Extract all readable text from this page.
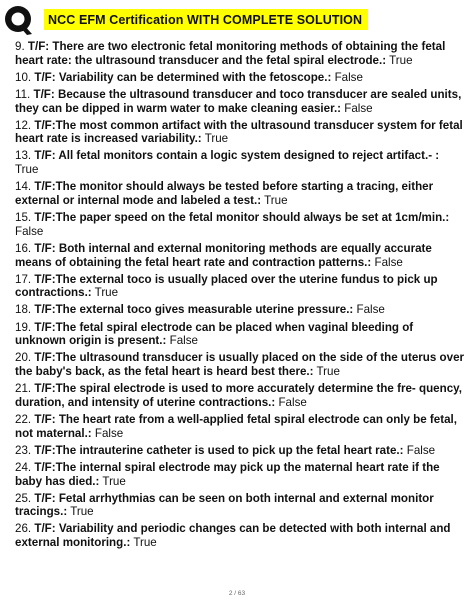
NCC EFM Certification WITH COMPLETE SOLUTION
9. T/F: There are two electronic fetal monitoring methods of obtaining the fetal heart rate: the ultrasound transducer and the fetal spiral electrode.: True
10. T/F: Variability can be determined with the fetoscope.: False
11. T/F: Because the ultrasound transducer and toco transducer are sealed units, they can be dipped in warm water to make cleaning easier.: False
12. T/F:The most common artifact with the ultrasound transducer system for fetal heart rate is increased variability.: True
13. T/F: All fetal monitors contain a logic system designed to reject artifact.- : True
14. T/F:The monitor should always be tested before starting a tracing, either external or internal mode and labeled a test.: True
15. T/F:The paper speed on the fetal monitor should always be set at 1cm/min.: False
16. T/F: Both internal and external monitoring methods are equally accurate means of obtaining the fetal heart rate and contraction patterns.: False
17. T/F:The external toco is usually placed over the uterine fundus to pick up contractions.: True
18. T/F:The external toco gives measurable uterine pressure.: False
19. T/F:The fetal spiral electrode can be placed when vaginal bleeding of unknown origin is present.: False
20. T/F:The ultrasound transducer is usually placed on the side of the uterus over the baby's back, as the fetal heart is heard best there.: True
21. T/F:The spiral electrode is used to more accurately determine the fre- quency, duration, and intensity of uterine contractions.: False
22. T/F: The heart rate from a well-applied fetal spiral electrode can only be fetal, not maternal.: False
23. T/F:The intrauterine catheter is used to pick up the fetal heart rate.: False
24. T/F:The internal spiral electrode may pick up the maternal heart rate if the baby has died.: True
25. T/F: Fetal arrhythmias can be seen on both internal and external monitor tracings.: True
26. T/F: Variability and periodic changes can be detected with both internal and external monitoring.: True
2 / 63
